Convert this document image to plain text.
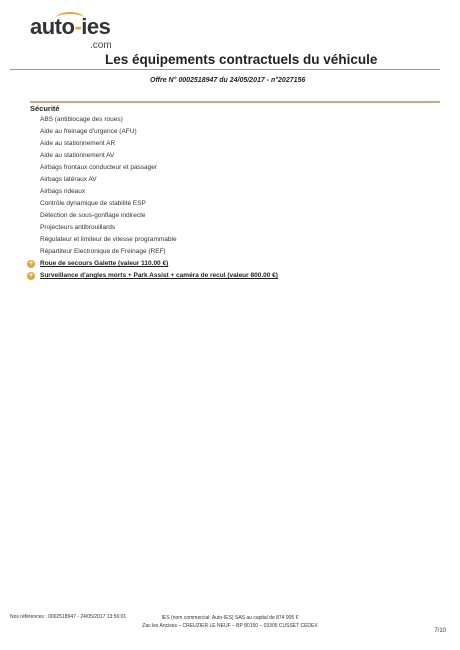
auto-ies
.com
Les équipements contractuels du véhicule
Offre N° 0002518947 du 24/05/2017 - n°2027156
Sécurité
ABS (antiblocage des roues)
Aide au freinage d'urgence (AFU)
Aide au stationnement AR
Aide au stationnement AV
Airbags frontaux conducteur et passager
Airbags latéraux AV
Airbags rideaux
Contrôle dynamique de stabilité ESP
Détection de sous-gonflage indirecte
Projecteurs antibrouillards
Régulateur et limiteur de vitesse programmable
Répartiteur Electronique de Freinage (REF)
+	Roue de secours Galette (valeur 110.00 €)
+	Surveillance d'angles morts + Park Assist + caméra de recul (valeur 800.00 €)
Nos références : 0002518947 - 24/05/2017 13:56:01	IES (nom commercial: Auto-IES) SAS au capital de 874 905 €
Zac les Ancises – CREUZIER LE NEUF – BP 80150 – 03305 CUSSET CEDEX
7/10
